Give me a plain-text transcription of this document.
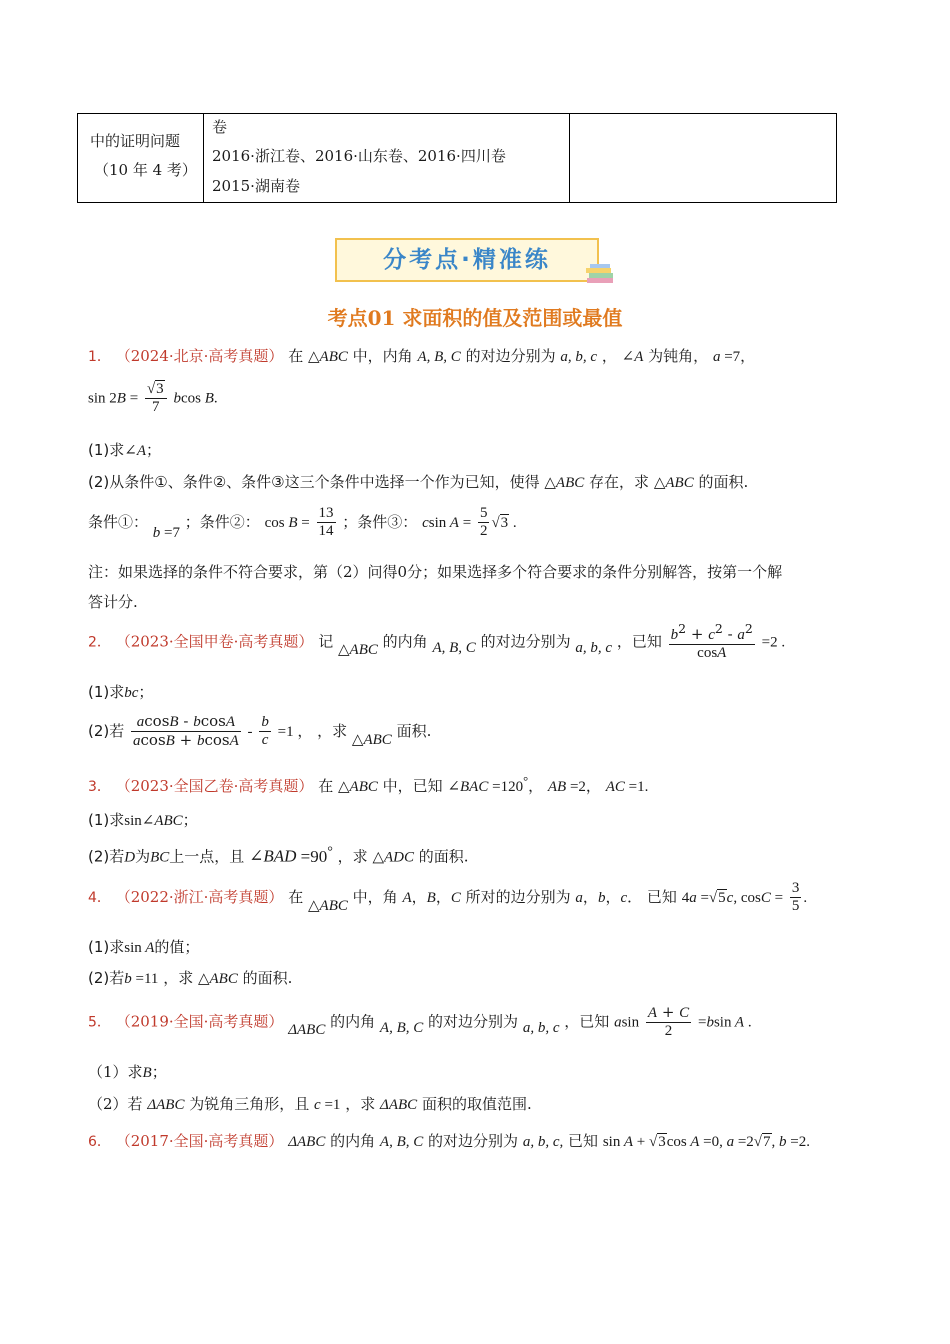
中的证明问题
（10 年 4 考）
卷
2016·浙江卷、2016·山东卷、2016·四川卷
2015·湖南卷
分考点·精准练
考点01 求面积的值及范围或最值
1． （2024·北京·高考真题） 在 △ABC 中，内角 A, B, C 的对边分别为 a, b, c ， ∠A 为钝角， a =7，
$\sin 2B = \frac{√3}{7}$ bcos B.
(1)求∠A；
(2)从条件①、条件②、条件③这三个条件中选择一个作为已知，使得 △ABC 存在，求 △ABC 的面积.
条件①： b =7 ；条件②： $\cos B = \frac{13}{14}$ ；条件③： csin $A = \frac{5}{2} √3$ .
注：如果选择的条件不符合要求，第（2）问得0分；如果选择多个符合要求的条件分别解答，按第一个解
答计分.
2． （2023·全国甲卷·高考真题） 记 △ABC 的内角 A, B, C 的对边分别为 a, b, c ，已知 $\frac{b^2 + c^2 - a^2}{\cos A} =2$ .
(1)求bc；
(2)若 $\frac{acosB - bcosA}{acosB + bcosA} - \frac{b}{c} =1$ ， ，求 △ABC 面积.
3． （2023·全国乙卷·高考真题） 在 △ABC 中，已知 ∠BAC =120°， AB =2， AC =1.
(1)求sin∠ABC；
(2)若D为BC上一点，且 ∠BAD =90° ，求 △ADC 的面积.
4． （2022·浙江·高考真题） 在 △ABC 中，角 A，B，C 所对的边分别为 a，b，c． 已知 4a =√5c, $\cos C = \frac{3}{5}$ .
(1)求sin A的值；
(2)若b =11 ，求 △ABC 的面积.
5． （2019·全国·高考真题） ΔABC 的内角 A, B, C 的对边分别为 a, b, c ，已知 asin $\frac{A + C}{2} =bsin$ A .
（1）求B；
（2）若 ΔABC 为锐角三角形，且 c =1 ，求 ΔABC 面积的取值范围.
6． （2017·全国·高考真题） ΔABC 的内角 A, B, C 的对边分别为 a, b, c, 已知 sin A + √3cos A =0, a =2√7, b =2.
